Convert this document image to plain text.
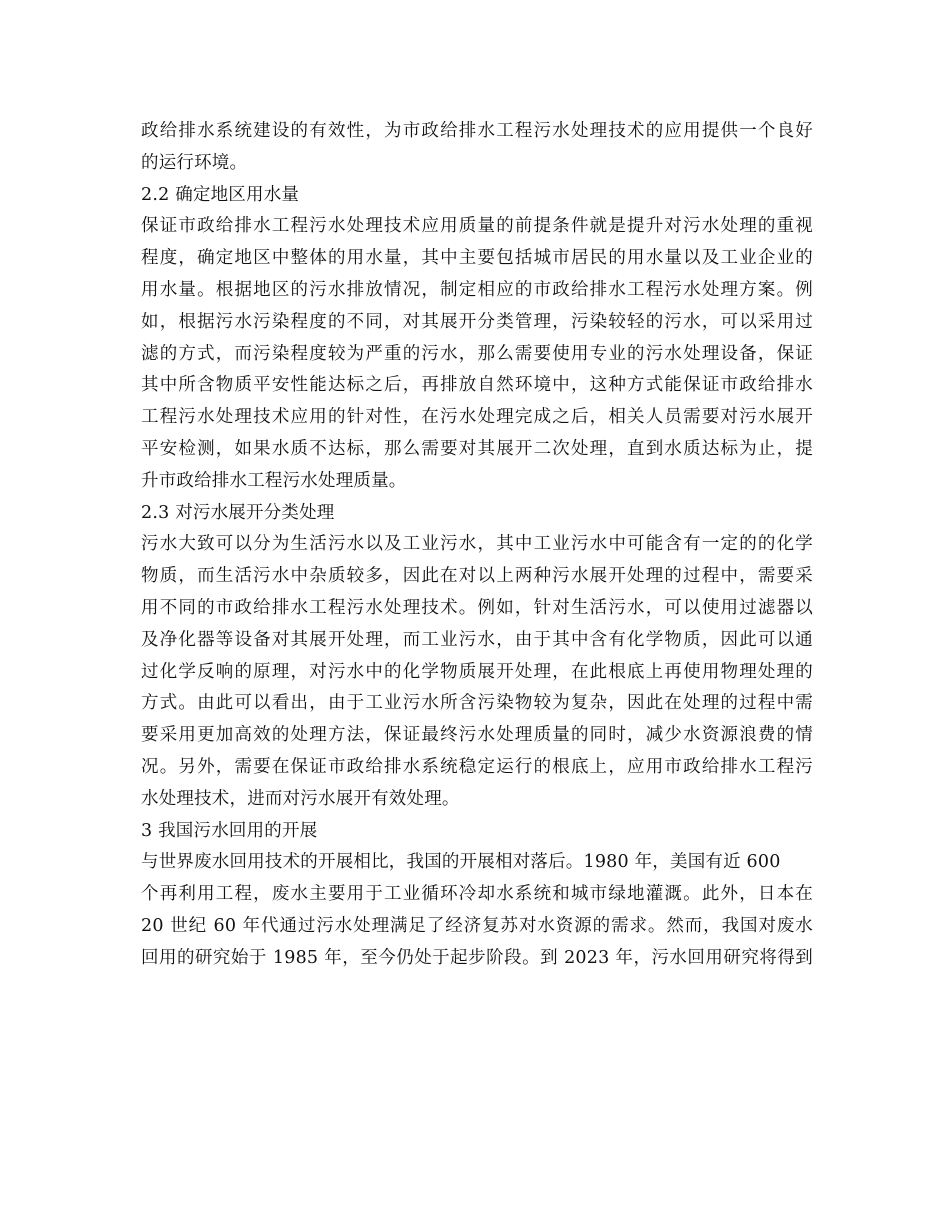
政给排水系统建设的有效性，为市政给排水工程污水处理技术的应用提供一个良好
的运行环境。
2.2 确定地区用水量
保证市政给排水工程污水处理技术应用质量的前提条件就是提升对污水处理的重视
程度，确定地区中整体的用水量，其中主要包括城市居民的用水量以及工业企业的
用水量。根据地区的污水排放情况，制定相应的市政给排水工程污水处理方案。例
如，根据污水污染程度的不同，对其展开分类管理，污染较轻的污水，可以采用过
滤的方式，而污染程度较为严重的污水，那么需要使用专业的污水处理设备，保证
其中所含物质平安性能达标之后，再排放自然环境中，这种方式能保证市政给排水
工程污水处理技术应用的针对性，在污水处理完成之后，相关人员需要对污水展开
平安检测，如果水质不达标，那么需要对其展开二次处理，直到水质达标为止，提
升市政给排水工程污水处理质量。
2.3 对污水展开分类处理
污水大致可以分为生活污水以及工业污水，其中工业污水中可能含有一定的的化学
物质，而生活污水中杂质较多，因此在对以上两种污水展开处理的过程中，需要采
用不同的市政给排水工程污水处理技术。例如，针对生活污水，可以使用过滤器以
及净化器等设备对其展开处理，而工业污水，由于其中含有化学物质，因此可以通
过化学反响的原理，对污水中的化学物质展开处理，在此根底上再使用物理处理的
方式。由此可以看出，由于工业污水所含污染物较为复杂，因此在处理的过程中需
要采用更加高效的处理方法，保证最终污水处理质量的同时，减少水资源浪费的情
况。另外，需要在保证市政给排水系统稳定运行的根底上，应用市政给排水工程污
水处理技术，进而对污水展开有效处理。
3 我国污水回用的开展
与世界废水回用技术的开展相比，我国的开展相对落后。1980 年，美国有近 600
个再利用工程，废水主要用于工业循环冷却水系统和城市绿地灌溉。此外，日本在
20 世纪 60 年代通过污水处理满足了经济复苏对水资源的需求。然而，我国对废水
回用的研究始于 1985 年，至今仍处于起步阶段。到 2023 年，污水回用研究将得到
